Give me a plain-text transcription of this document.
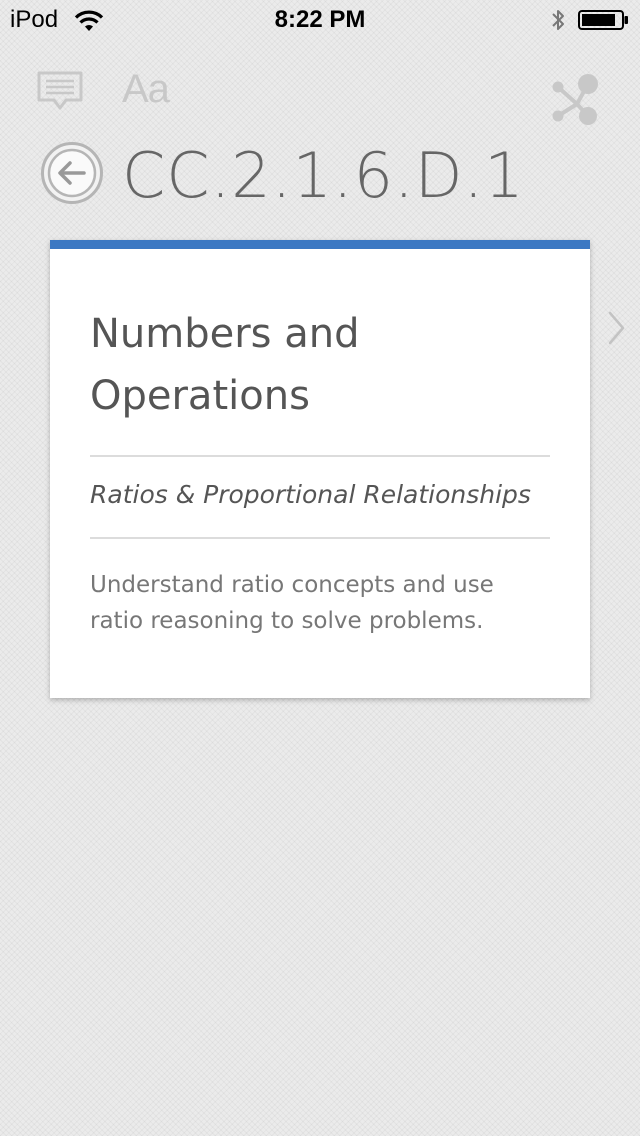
iPod	8:22 PM
Aa
CC.2.1.6.D.1
Numbers and Operations
Ratios & Proportional Relationships
Understand ratio concepts and use ratio reasoning to solve problems.
